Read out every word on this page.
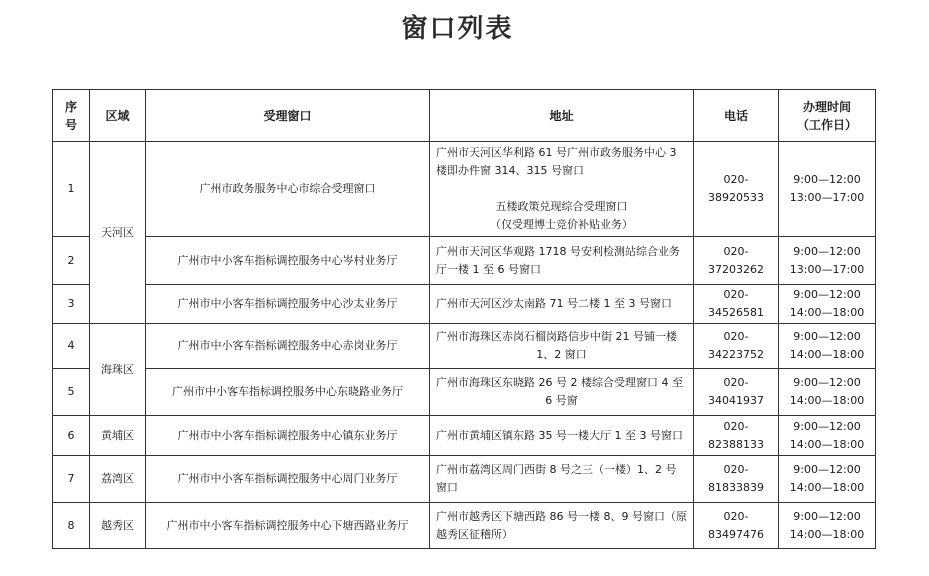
窗口列表
序
号	区域	受理窗口	地址	电话	办理时间
（工作日）
1	天河区	广州市政务服务中心市综合受理窗口	广州市天河区华利路 61 号广州市政务服务中心 3
楼即办件窗 314、315 号窗口
五楼政策兑现综合受理窗口
（仅受理博士竞价补贴业务）	020-38920533	9:00—12:00
13:00—17:00
2		广州市中小客车指标调控服务中心岑村业务厅	广州市天河区华观路 1718 号安利检测站综合业务
厅一楼 1 至 6 号窗口	020-37203262	9:00—12:00
13:00—17:00
3		广州市中小客车指标调控服务中心沙太业务厅	广州市天河区沙太南路 71 号二楼 1 至 3 号窗口	020-34526581	9:00—12:00
14:00—18:00
4	海珠区	广州市中小客车指标调控服务中心赤岗业务厅	广州市海珠区赤岗石榴岗路信步中街 21 号铺一楼

1、2 窗口	020-34223752	9:00—12:00
14:00—18:00
5		广州市中小客车指标调控服务中心东晓路业务厅	广州市海珠区东晓路 26 号 2 楼综合受理窗口 4 至

6 号窗	020-34041937	9:00—12:00
14:00—18:00
6	黄埔区	广州市中小客车指标调控服务中心镇东业务厅	广州市黄埔区镇东路 35 号一楼大厅 1 至 3 号窗口	020-82388133	9:00—12:00
14:00—18:00
7	荔湾区	广州市中小客车指标调控服务中心周门业务厅	广州市荔湾区周门西街 8 号之三（一楼）1、2 号
窗口	020-81833839	9:00—12:00
14:00—18:00
8	越秀区	广州市中小客车指标调控服务中心下塘西路业务厅	广州市越秀区下塘西路 86 号一楼 8、9 号窗口（原
越秀区征稽所）	020-83497476	9:00—12:00
14:00—18:00
